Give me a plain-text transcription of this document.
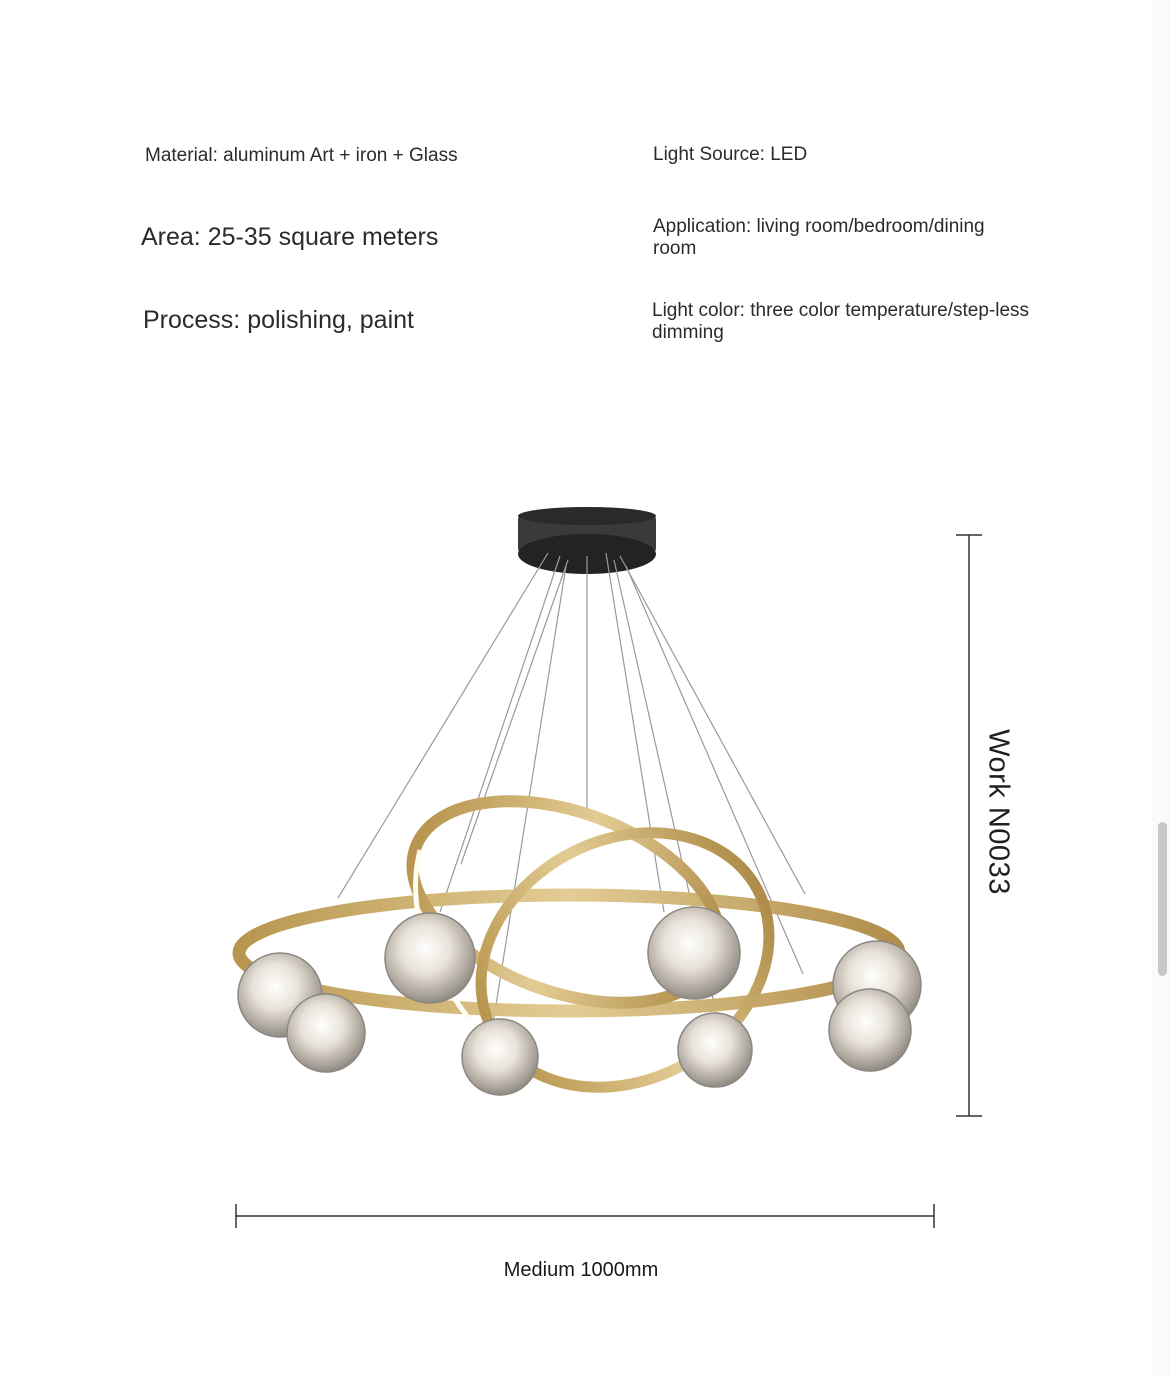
Material: aluminum Art + iron + Glass	Light Source: LED

Area: 25-35 square meters	Application: living room/bedroom/dining room

Process: polishing, paint	Light color: three color temperature/step-less dimming

Medium 1000mm
Work N0033
